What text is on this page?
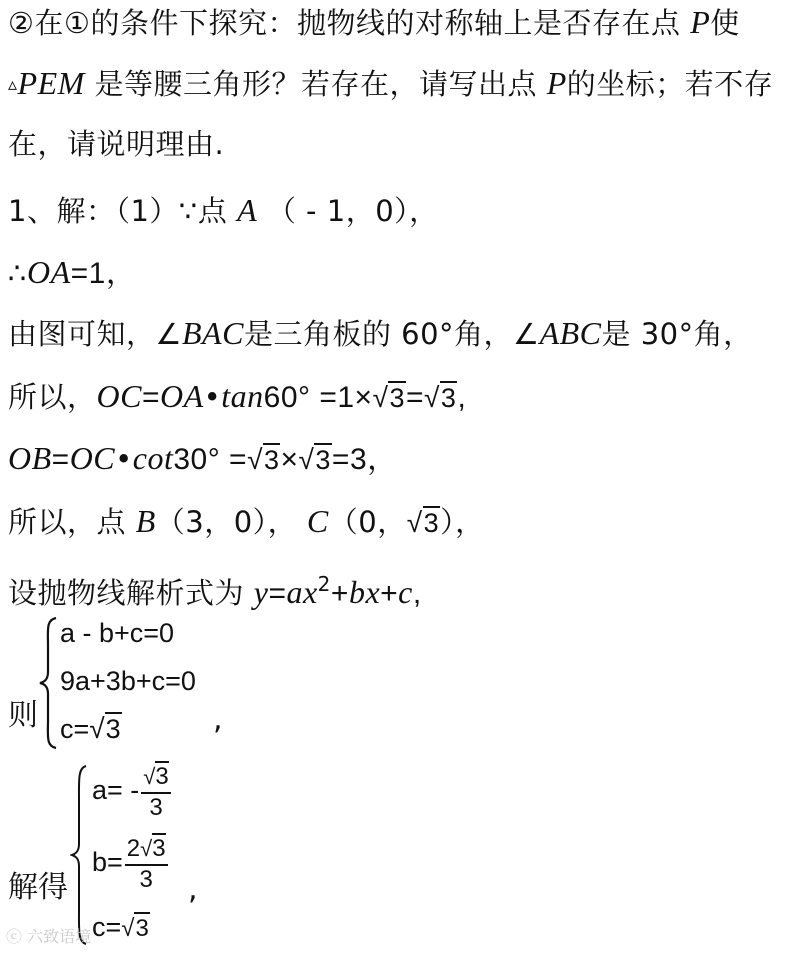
②在①的条件下探究：抛物线的对称轴上是否存在点 P使
▵PEM 是等腰三角形？若存在，请写出点 P的坐标；若不存
在，请说明理由.
1、解：（1）∵点 A （ - 1，0），
∴OA=1，
由图可知，∠BAC是三角板的 60°角，∠ABC是 30°角，
所以，OC=OA•tan60° =1×√3=√3,
OB=OC•cot30° =√3×√3=3，
所以，点 B（3，0）， C（0，√3），
设抛物线解析式为 $y=ax^2+bx+c$,
则
a - b+c=0
9a+3b+c=0
c=√3	,
解得
$a= - \frac{√3}{3}$
$b= \frac{2√3}{3}$
c=√3
,
ⓒ 六致语境
